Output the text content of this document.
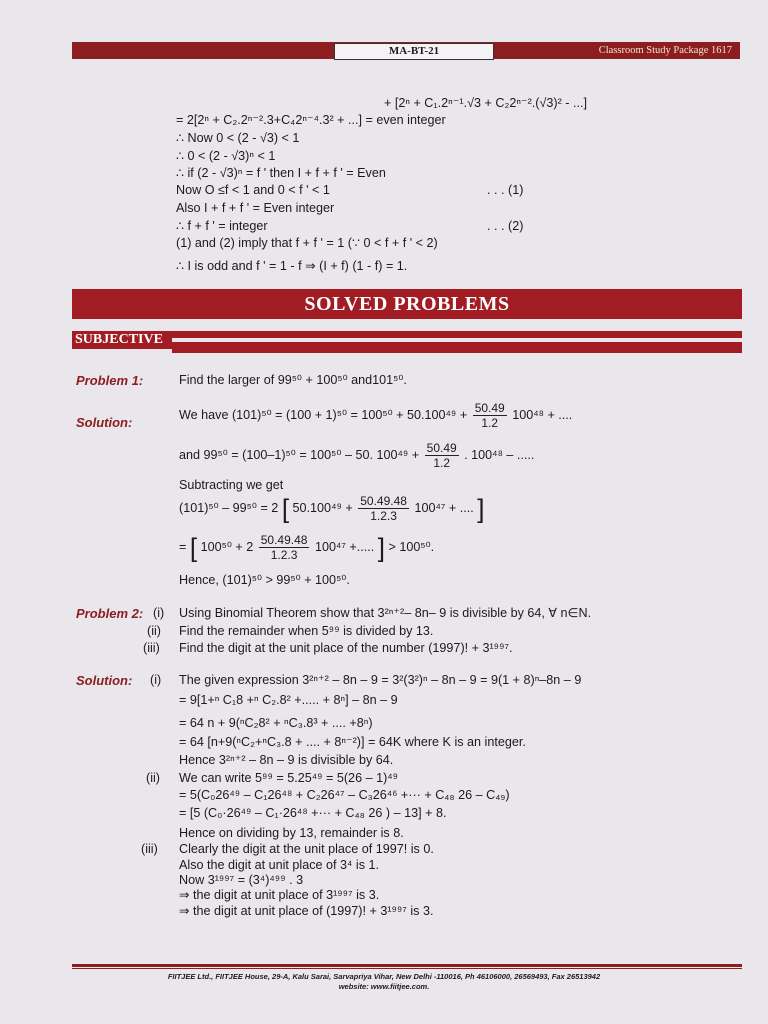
MA-BT-21	Classroom Study Package 1617
+ [2ⁿ + C₁.2ⁿ⁻¹.√3 + C₂2ⁿ⁻².(√3)² - ...]
= 2[2ⁿ + C₂.2ⁿ⁻².3+C₄2ⁿ⁻⁴.3² + ...] = even integer
∴ Now 0 < (2 - √3) < 1
∴ 0 < (2 - √3)ⁿ < 1
∴ if (2 - √3)ⁿ = f ' then I + f + f ' = Even
Now O ≤f < 1 and 0 < f ' < 1	. . . (1)
Also I + f + f ' = Even integer
∴ f + f ' = integer	. . . (2)
(1) and (2) imply that f + f ' = 1 (∵ 0 < f + f ' < 2)
∴ I is odd and f ' = 1 - f ⇒ (I + f) (1 - f) = 1.
SOLVED PROBLEMS
SUBJECTIVE
Problem 1:	Find the larger of 99⁵⁰ + 100⁵⁰ and101⁵⁰.
Solution:	We have $(101)^{50} = (100 + 1)^{50} = 100^{50} + 50.100^{49} + \frac{50.49}{1.2} 100^{48}$ + ....
and 99⁵⁰ = (100–1)⁵⁰ = 100⁵⁰ – 50. $100^{49} + \frac{50.49}{1.2}$ . 100⁴⁸ – .....
Subtracting we get
(101)⁵⁰ – 99⁵⁰ = 2 [ $50.100^{49} + \frac{50.49.48}{1.2.3} 100^{47}$ + .... ]
= [ $100^{50} + 2 \frac{50.49.48}{1.2.3} 100^{47}$ +..... ] > 100⁵⁰.
Hence, (101)⁵⁰ > 99⁵⁰ + 100⁵⁰.
Problem 2: (i) Using Binomial Theorem show that 3²ⁿ⁺²– 8n– 9 is divisible by 64, ∀ n∈N.
(ii) Find the remainder when 5⁹⁹ is divided by 13.
(iii) Find the digit at the unit place of the number (1997)! + 3¹⁹⁹⁷.
Solution: (i) The given expression 3²ⁿ⁺² – 8n – 9 = 3²(3²)ⁿ – 8n – 9 = 9(1 + 8)ⁿ–8n – 9
= 9[1+ⁿ C₁8 +ⁿ C₂.8² +..... + 8ⁿ] – 8n – 9
= 64 n + 9(ⁿC₂8² + ⁿC₃.8³ + .... +8ⁿ)
= 64 [n+9(ⁿC₂+ⁿC₃.8 + .... + 8ⁿ⁻²)] = 64K where K is an integer.
Hence 3²ⁿ⁺² – 8n – 9 is divisible by 64.
(ii) We can write 5⁹⁹ = 5.25⁴⁹ = 5(26 – 1)⁴⁹
= 5(C₀26⁴⁹ – C₁26⁴⁸ + C₂26⁴⁷ – C₃26⁴⁶ +··· + C₄₈ 26 – C₄₉)
= [5 (C₀·26⁴⁹ – C₁·26⁴⁸ +··· + C₄₈ 26 ) – 13] + 8.
Hence on dividing by 13, remainder is 8.
(iii) Clearly the digit at the unit place of 1997! is 0.
Also the digit at unit place of 3⁴ is 1.
Now 3¹⁹⁹⁷ = (3⁴)⁴⁹⁹ . 3
⇒ the digit at unit place of 3¹⁹⁹⁷ is 3.
⇒ the digit at unit place of (1997)! + 3¹⁹⁹⁷ is 3.
FIITJEE Ltd., FIITJEE House, 29-A, Kalu Sarai, Sarvapriya Vihar, New Delhi -110016, Ph 46106000, 26569493, Fax 26513942
website: www.fiitjee.com.
